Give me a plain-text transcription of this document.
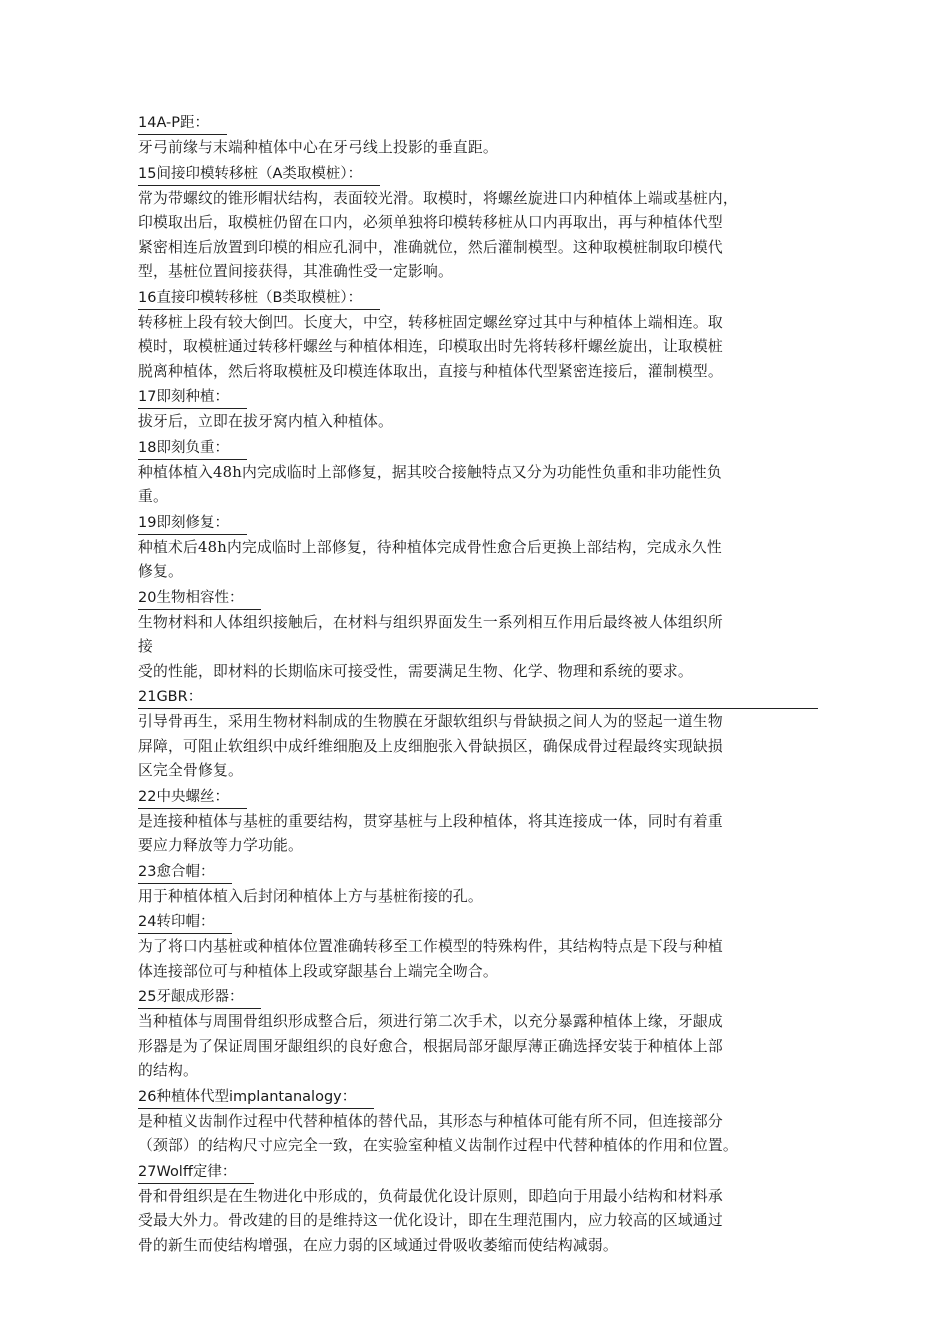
14A-P距：
牙弓前缘与末端种植体中心在牙弓线上投影的垂直距。
15间接印模转移桩（A类取模桩）：
常为带螺纹的锥形帽状结构，表面较光滑。取模时，将螺丝旋进口内种植体上端或基桩内，
印模取出后，取模桩仍留在口内，必须单独将印模转移桩从口内再取出，再与种植体代型
紧密相连后放置到印模的相应孔洞中，准确就位，然后灌制模型。这种取模桩制取印模代
型，基桩位置间接获得，其准确性受一定影响。
16直接印模转移桩（B类取模桩）：
转移桩上段有较大倒凹。长度大，中空，转移桩固定螺丝穿过其中与种植体上端相连。取
模时，取模桩通过转移杆螺丝与种植体相连，印模取出时先将转移杆螺丝旋出，让取模桩
脱离种植体，然后将取模桩及印模连体取出，直接与种植体代型紧密连接后，灌制模型。
17即刻种植：
拔牙后，立即在拔牙窝内植入种植体。
18即刻负重：
种植体植入48h内完成临时上部修复，据其咬合接触特点又分为功能性负重和非功能性负
重。
19即刻修复：
种植术后48h内完成临时上部修复，待种植体完成骨性愈合后更换上部结构，完成永久性
修复。
20生物相容性：
生物材料和人体组织接触后，在材料与组织界面发生一系列相互作用后最终被人体组织所
接
受的性能，即材料的长期临床可接受性，需要满足生物、化学、物理和系统的要求。
21GBR：
引导骨再生，采用生物材料制成的生物膜在牙龈软组织与骨缺损之间人为的竖起一道生物
屏障，可阻止软组织中成纤维细胞及上皮细胞张入骨缺损区，确保成骨过程最终实现缺损
区完全骨修复。
22中央螺丝：
是连接种植体与基桩的重要结构，贯穿基桩与上段种植体，将其连接成一体，同时有着重
要应力释放等力学功能。
23愈合帽：
用于种植体植入后封闭种植体上方与基桩衔接的孔。
24转印帽：
为了将口内基桩或种植体位置准确转移至工作模型的特殊构件，其结构特点是下段与种植
体连接部位可与种植体上段或穿龈基台上端完全吻合。
25牙龈成形器：
当种植体与周围骨组织形成整合后，须进行第二次手术，以充分暴露种植体上缘，牙龈成
形器是为了保证周围牙龈组织的良好愈合，根据局部牙龈厚薄正确选择安装于种植体上部
的结构。
26种植体代型implantanalogy：
是种植义齿制作过程中代替种植体的替代品，其形态与种植体可能有所不同，但连接部分
（颈部）的结构尺寸应完全一致，在实验室种植义齿制作过程中代替种植体的作用和位置。
27Wolff定律：
骨和骨组织是在生物进化中形成的，负荷最优化设计原则，即趋向于用最小结构和材料承
受最大外力。骨改建的目的是维持这一优化设计，即在生理范围内，应力较高的区域通过
骨的新生而使结构增强，在应力弱的区域通过骨吸收萎缩而使结构减弱。
